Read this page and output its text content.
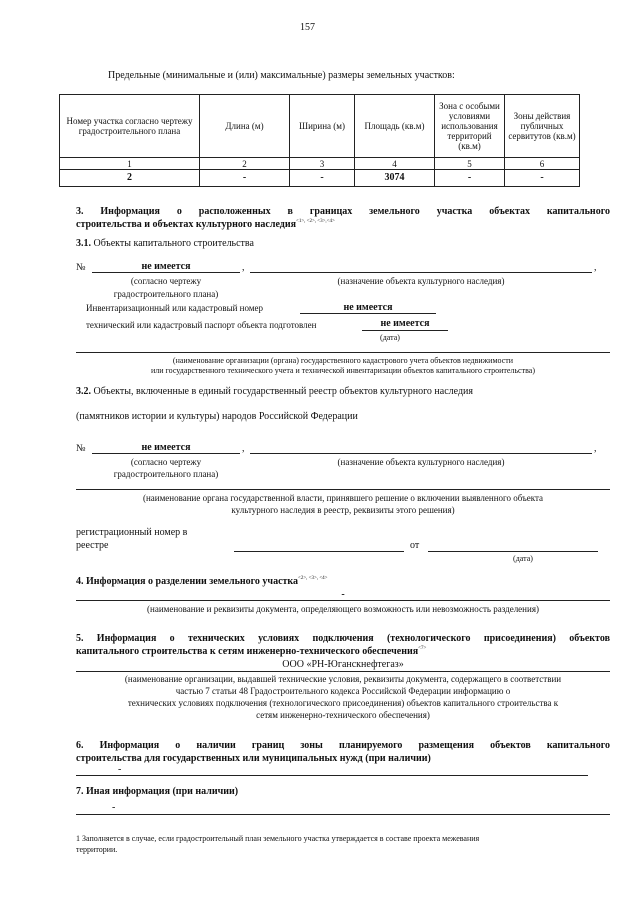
157
Предельные (минимальные и (или) максимальные) размеры земельных участков:
Номер участка согласно чертежу градостроительного плана	Длина (м)	Ширина (м)	Площадь (кв.м)	Зона с особыми условиями использования территорий (кв.м)	Зоны действия публичных сервитутов (кв.м)
1	2	3	4	5	6
2	-	-	3074	-	-
3. Информация о расположенных в границах земельного участка объектах капитального
строительства и объектах культурного наследия$^{<1>, <2>, <3>,<4>}$
3.1. Объекты капитального строительства
№	не имеется	,	,
(согласно чертежу	(назначение объекта культурного наследия)
градостроительного плана)
Инвентаризационный или кадастровый номер	не имеется
технический или кадастровый паспорт объекта подготовлен	не имеется
(дата)
(наименование организации (органа) государственного кадастрового учета объектов недвижимости
или государственного технического учета и технической инвентаризации объектов капитального строительства)
3.2. Объекты, включенные в единый государственный реестр объектов культурного наследия
(памятников истории и культуры) народов Российской Федерации
№	не имеется	,	,
(согласно чертежу	(назначение объекта культурного наследия)
градостроительного плана)
(наименование органа государственной власти, принявшего решение о включении выявленного объекта
культурного наследия в реестр, реквизиты этого решения)
регистрационный номер в
реестре	от
(дата)
4. Информация о разделении земельного участка$^{<2>, <3>, <4>}$
-
(наименование и реквизиты документа, определяющего возможность или невозможность разделения)
5. Информация о технических условиях подключения (технологического присоединения) объектов
капитального строительства к сетям инженерно-технического обеспечения$^{<7>}$
ООО «РН-Юганскнефтегаз»
(наименование организации, выдавшей технические условия, реквизиты документа, содержащего в соответствии
частью 7 статьи 48 Градостроительного кодекса Российской Федерации информацию о
технических условиях подключения (технологического присоединения) объектов капитального строительства к
сетям инженерно-технического обеспечения)
6. Информация о наличии границ зоны планируемого размещения объектов капитального
строительства для государственных или муниципальных нужд (при наличии)
-
7. Иная информация (при наличии)
-
1 Заполняется в случае, если градостроительный план земельного участка утверждается в составе проекта межевания
территории.
